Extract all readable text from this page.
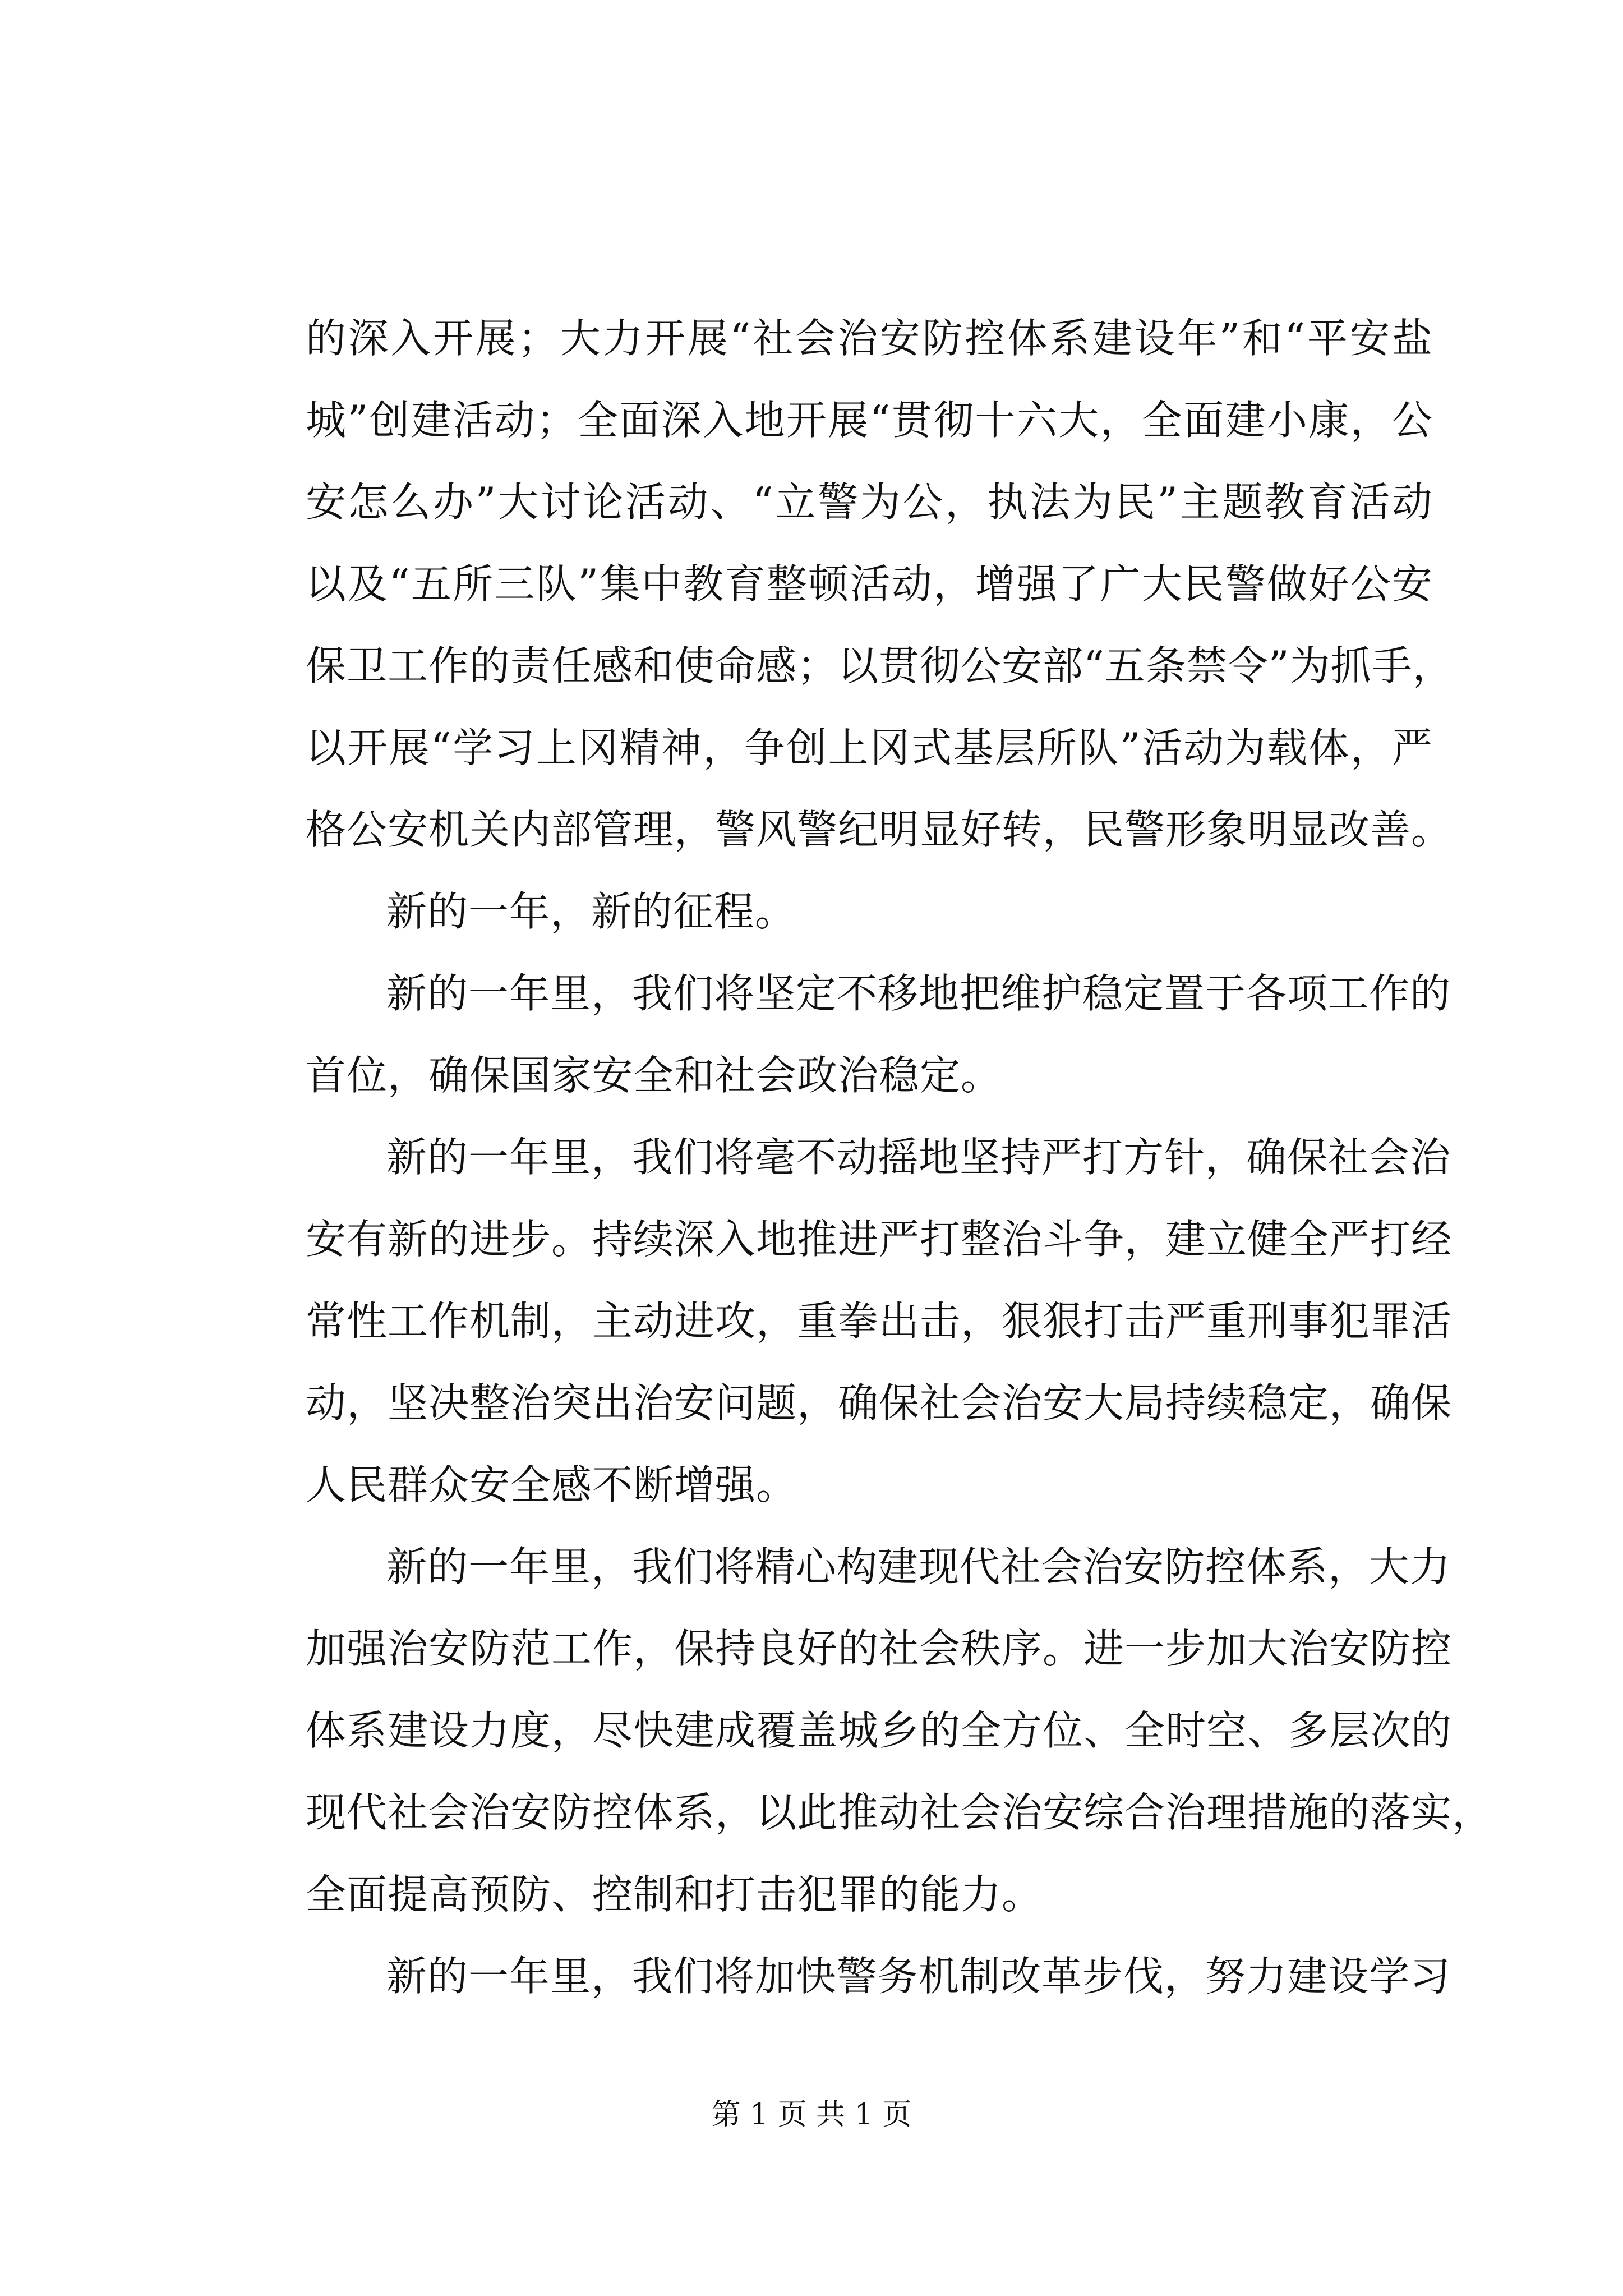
的深入开展；大力开展“社会治安防控体系建设年”和“平安盐
城”创建活动；全面深入地开展“贯彻十六大，全面建小康，公
安怎么办”大讨论活动、“立警为公，执法为民”主题教育活动
以及“五所三队”集中教育整顿活动，增强了广大民警做好公安
保卫工作的责任感和使命感；以贯彻公安部“五条禁令”为抓手，
以开展“学习上冈精神，争创上冈式基层所队”活动为载体，严
格公安机关内部管理，警风警纪明显好转，民警形象明显改善。
新的一年，新的征程。
新的一年里，我们将坚定不移地把维护稳定置于各项工作的
首位，确保国家安全和社会政治稳定。
新的一年里，我们将毫不动摇地坚持严打方针，确保社会治
安有新的进步。持续深入地推进严打整治斗争，建立健全严打经
常性工作机制，主动进攻，重拳出击，狠狠打击严重刑事犯罪活
动，坚决整治突出治安问题，确保社会治安大局持续稳定，确保
人民群众安全感不断增强。
新的一年里，我们将精心构建现代社会治安防控体系，大力
加强治安防范工作，保持良好的社会秩序。进一步加大治安防控
体系建设力度，尽快建成覆盖城乡的全方位、全时空、多层次的
现代社会治安防控体系，以此推动社会治安综合治理措施的落实，
全面提高预防、控制和打击犯罪的能力。
新的一年里，我们将加快警务机制改革步伐，努力建设学习
第 1 页 共 1 页
